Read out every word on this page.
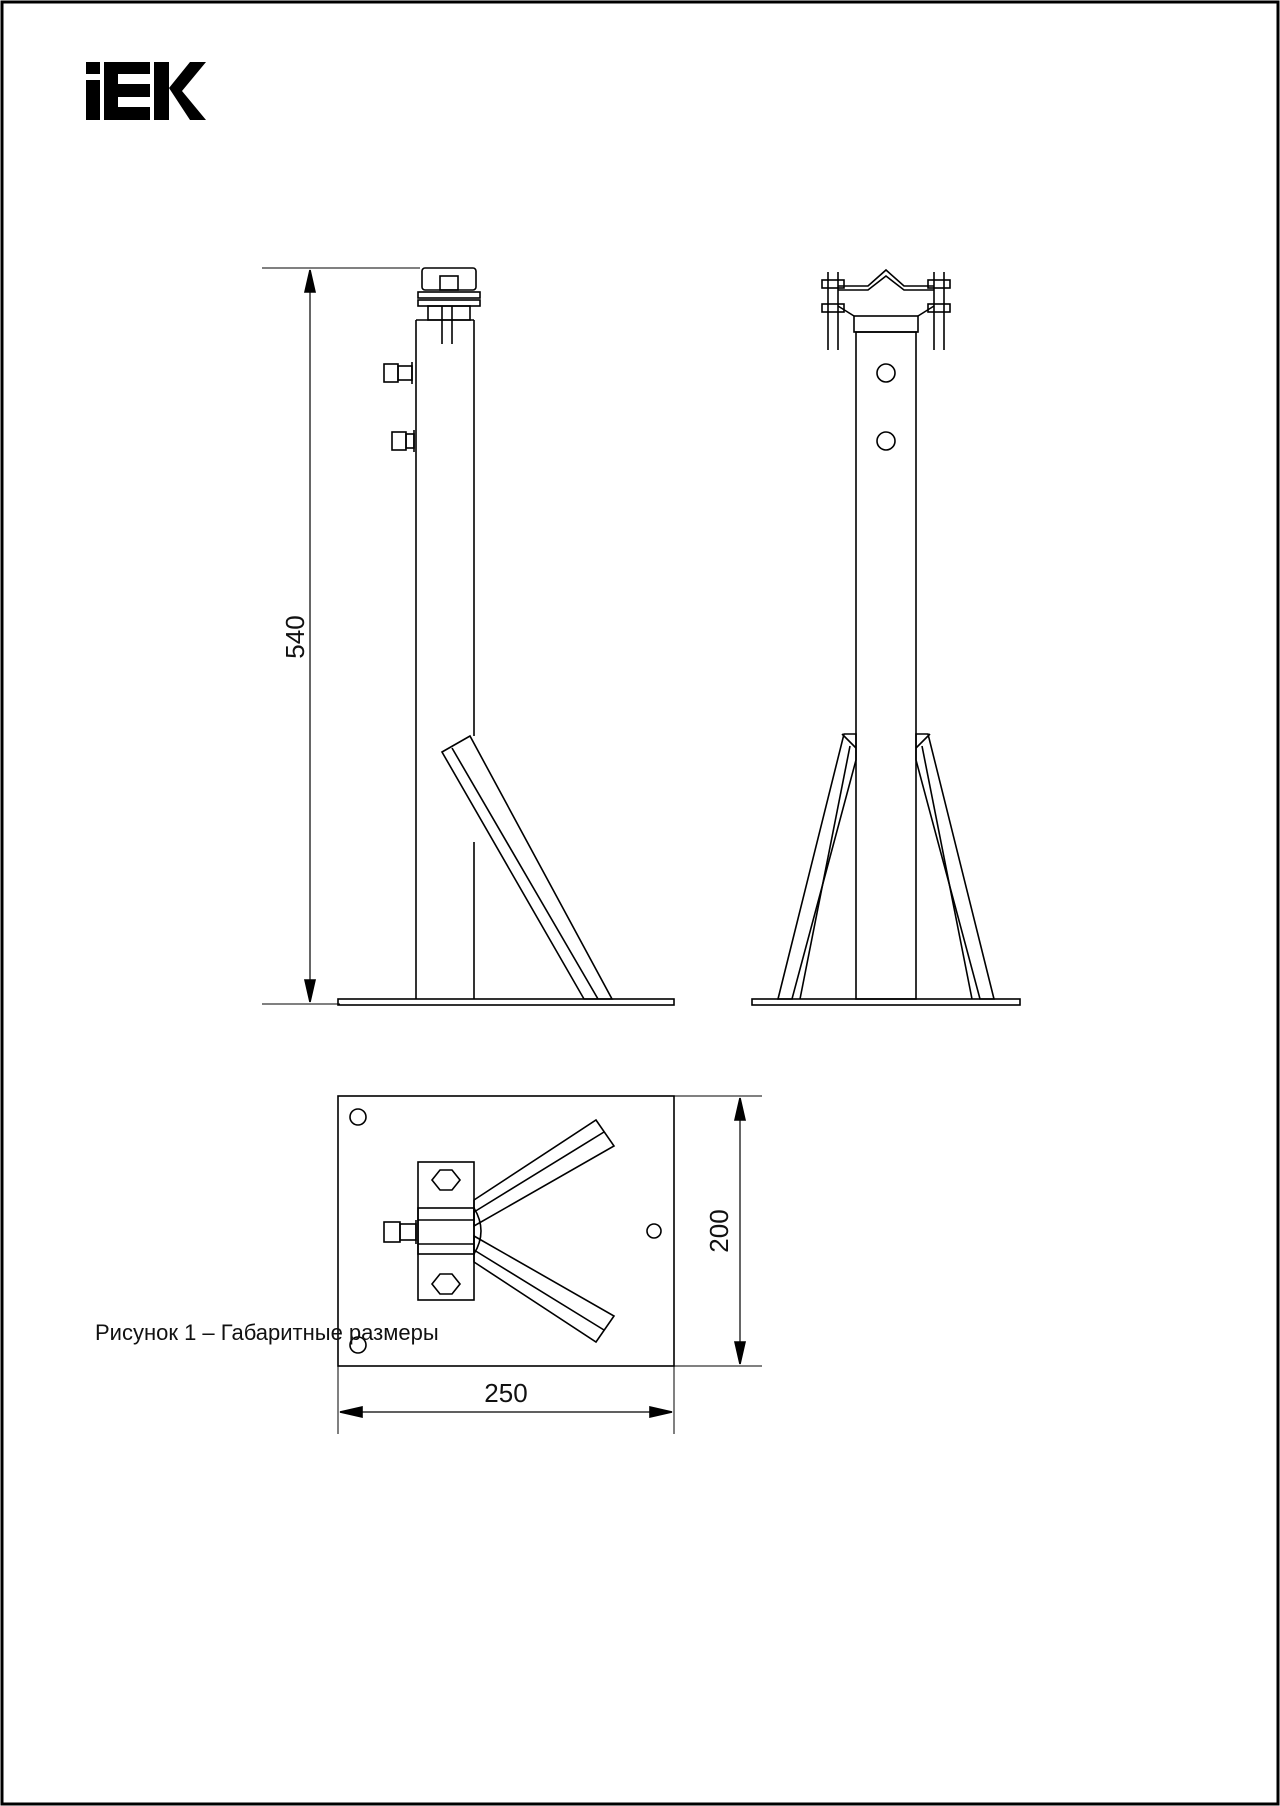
540
250
200
Рисунок 1 – Габаритные размеры
